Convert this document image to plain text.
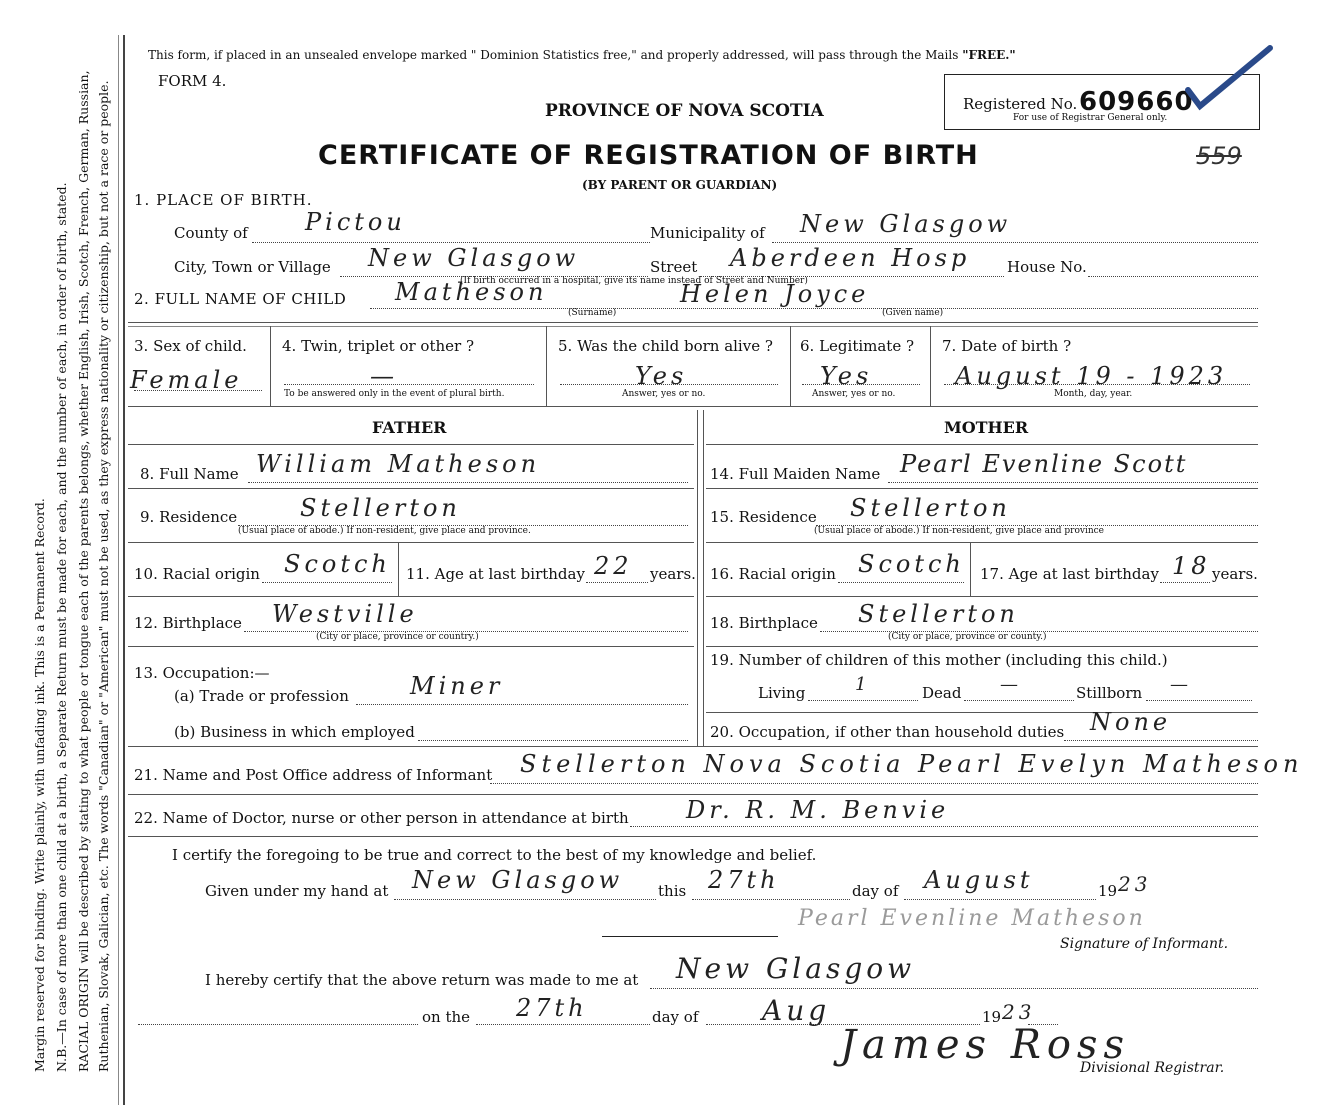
Margin reserved for binding. Write plainly, with unfading ink. This is a Permanent Record. N.B.—In case of more than one child at a birth, a Separate Return must be made for each, and the number of each, in order of birth, stated. RACIAL ORIGIN will be described by stating to what people or tongue each of the parents belongs, whether English, Irish, Scotch, French, German, Russian, Ruthenian, Slovak, Galician, etc. The words "Canadian" or "American" must not be used, as they express nationality or citizenship, but not a race or people.
This form, if placed in an unsealed envelope marked " Dominion Statistics free," and properly addressed, will pass through the Mails "FREE."
FORM 4.
PROVINCE OF NOVA SCOTIA	Registered No. 609660
For use of Registrar General only.
559
CERTIFICATE OF REGISTRATION OF BIRTH
(BY PARENT OR GUARDIAN)
1. PLACE OF BIRTH.
County of Pictou	Municipality of New Glasgow
City, Town or Village New Glasgow	Street Aberdeen Hosp House No.
(If birth occurred in a hospital, give its name instead of Street and Number)
2. FULL NAME OF CHILD Matheson	Helen Joyce
(Surname)	(Given name)
3. Sex of child.
Female
4. Twin, triplet or other ?
—
To be answered only in the event of plural birth.
5. Was the child born alive ?
Yes
Answer, yes or no.
6. Legitimate ?
Yes
Answer, yes or no.
7. Date of birth ?
August 19 - 1923
Month, day, year.
FATHER	MOTHER
8. Full Name William Matheson
9. Residence	Stellerton
(Usual place of abode.) If non-resident, give place and province.
10. Racial origin Scotch 11. Age at last birthday 22 years.
12. Birthplace Westville
(City or place, province or country.)
13. Occupation:—
(a) Trade or profession	Miner
(b) Business in which employed
14. Full Maiden Name Pearl Evenline Scott
15. Residence Stellerton
(Usual place of abode.) If non-resident, give place and province
16. Racial origin Scotch 17. Age at last birthday 18 years.
18. Birthplace Stellerton
(City or place, province or county.)
19. Number of children of this mother (including this child.)
Living	1	Dead —	Stillborn —
20. Occupation, if other than household duties None
21. Name and Post Office address of Informant Stellerton Nova Scotia Pearl Evelyn Matheson
22. Name of Doctor, nurse or other person in attendance at birth Dr. R. M. Benvie
I certify the foregoing to be true and correct to the best of my knowledge and belief.
Given under my hand at New Glasgow this 27th	day of August	19 23
Pearl Evenline Matheson
Signature of Informant.
I hereby certify that the above return was made to me at New Glasgow
on the 27th	day of Aug	19 23
James Ross
Divisional Registrar.
